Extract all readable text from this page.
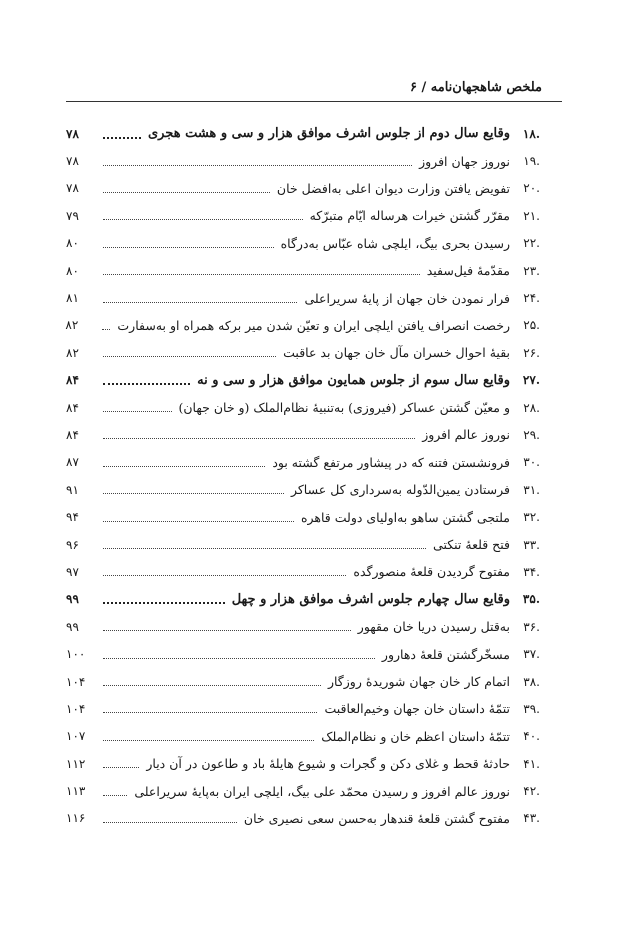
ملخص شاهجهان‌نامه / ۶
.۱۸
وقایع سال دوم از جلوس اشرف موافق هزار و سی و هشت هجری
۷۸
.۱۹
نوروز جهان افروز
۷۸
.۲۰
تفویض یافتن وزارت دیوان اعلی به‌افضل خان
۷۸
.۲۱
مقرّر گشتن خیرات هرساله ایّام متبرّکه
۷۹
.۲۲
رسیدن بحری بیگ، ایلچی شاه عبّاس به‌درگاه
۸۰
.۲۳
مقدّمهٔ فیل‌سفید
۸۰
.۲۴
فرار نمودن خان جهان از پایهٔ سریراعلی
۸۱
.۲۵
رخصت انصراف یافتن ایلچی ایران و تعیّن شدن میر برکه همراه او به‌سفارت
۸۲
.۲۶
بقیهٔ احوال خسران مآل خان جهان بد عاقبت
۸۲
.۲۷
وقایع سال سوم از جلوس همایون موافق هزار و سی و نه
۸۴
.۲۸
و معیّن گشتن عساکر (فیروزی) به‌تنبیهٔ نظام‌الملک (و خان جهان)
۸۴
.۲۹
نوروز عالم افروز
۸۴
.۳۰
فرونشستن فتنه که در پیشاور مرتفع گشته بود
۸۷
.۳۱
فرستادن یمین‌الدّوله به‌سرداری کل عساکر
۹۱
.۳۲
ملتجی گشتن ساهو به‌اولیای دولت قاهره
۹۴
.۳۳
فتح قلعهٔ تنکتی
۹۶
.۳۴
مفتوح گردیدن قلعهٔ منصورگده
۹۷
.۳۵
وقایع سال چهارم جلوس اشرف موافق هزار و چهل
۹۹
.۳۶
به‌قتل رسیدن دریا خان مقهور
۹۹
.۳۷
مسخّرگشتن قلعهٔ دهارور
۱۰۰
.۳۸
اتمام کار خان جهان شوریدهٔ روزگار
۱۰۴
.۳۹
تتمّهٔ داستان خان جهان وخیم‌العاقبت
۱۰۴
.۴۰
تتمّهٔ داستان اعظم خان و نظام‌الملک
۱۰۷
.۴۱
حادثهٔ قحط و غلای دکن و گجرات و شیوع هایلهٔ باد و طاعون در آن دیار
۱۱۲
.۴۲
نوروز عالم افروز و رسیدن محمّد علی بیگ، ایلچی ایران به‌پایهٔ سریراعلی
۱۱۳
.۴۳
مفتوح گشتن قلعهٔ قندهار به‌حسن سعی نصیری خان
۱۱۶
